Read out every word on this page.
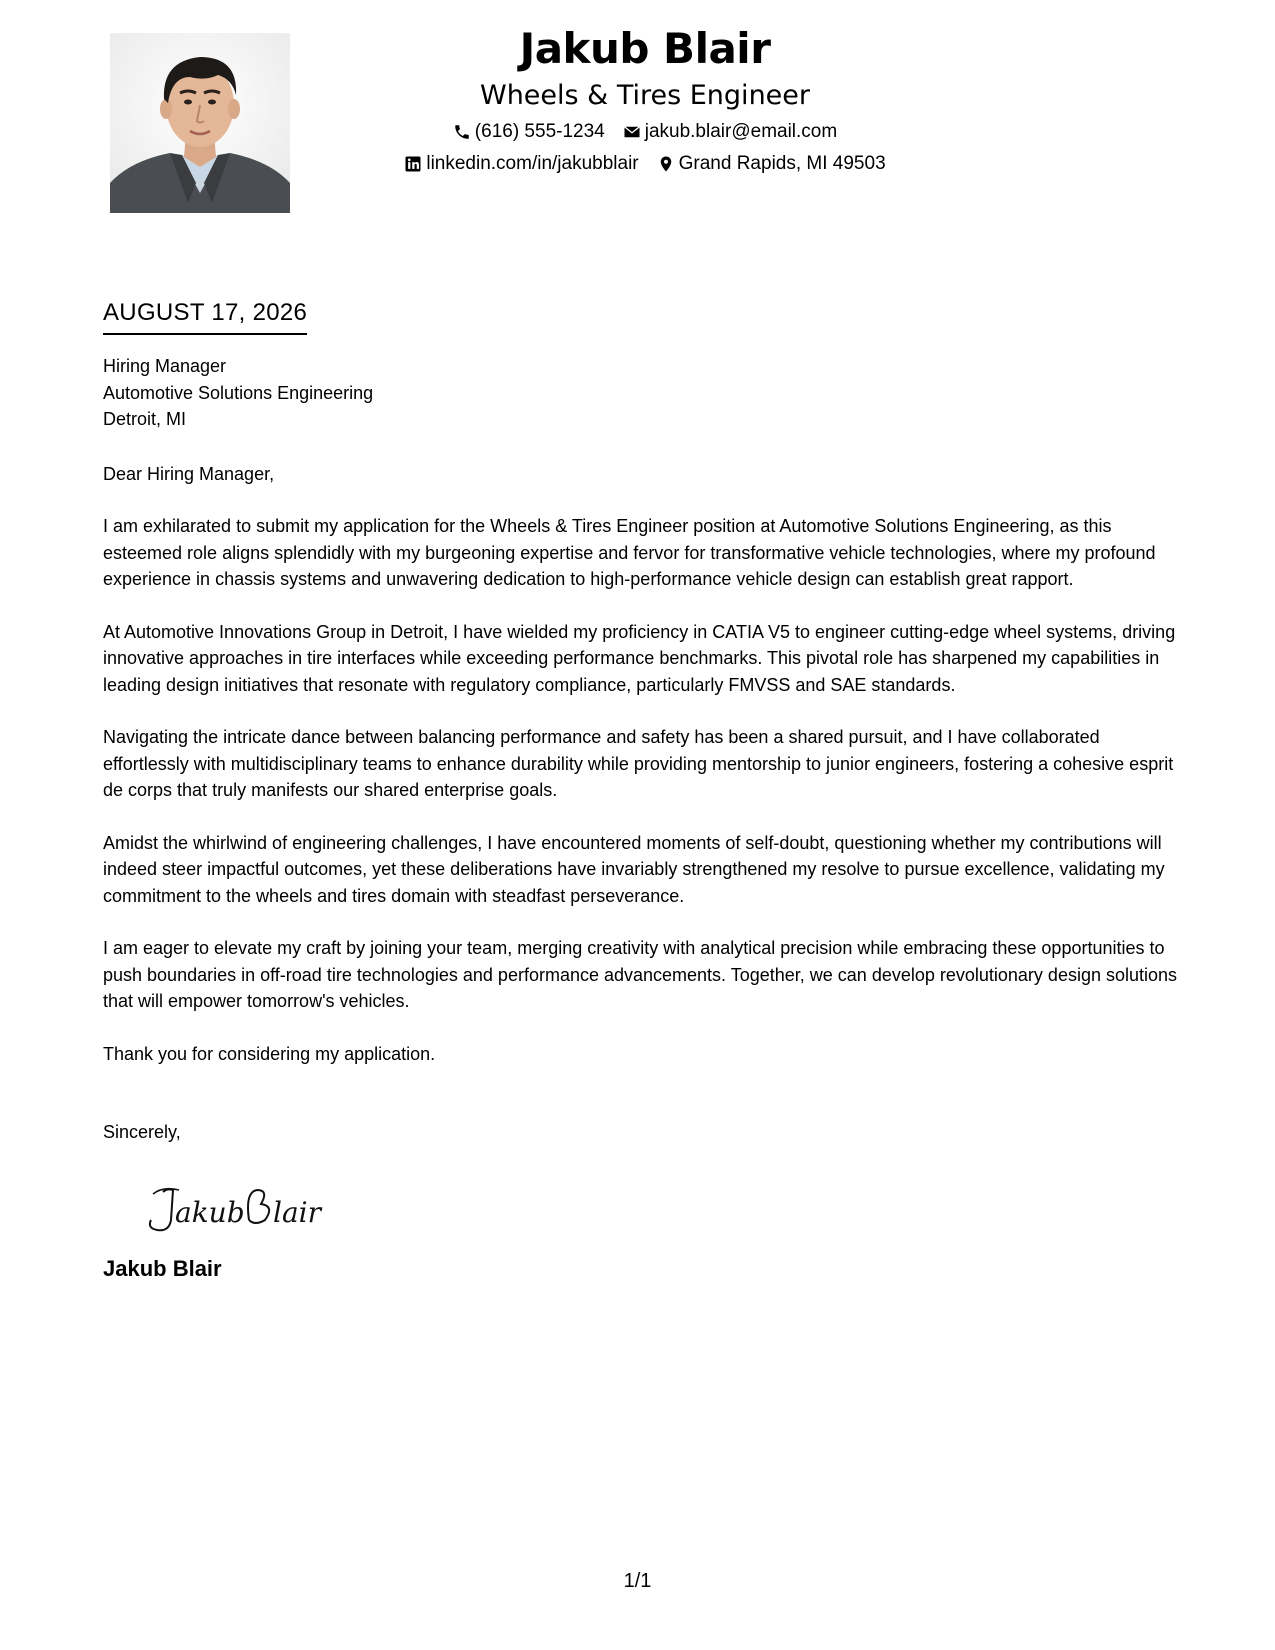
Jakub Blair
Wheels & Tires Engineer
(616) 555-1234 jakub.blair@email.com
linkedin.com/in/jakubblair Grand Rapids, MI 49503
AUGUST 17, 2026
Hiring Manager
Automotive Solutions Engineering
Detroit, MI
Dear Hiring Manager,
I am exhilarated to submit my application for the Wheels & Tires Engineer position at Automotive Solutions Engineering, as this esteemed role aligns splendidly with my burgeoning expertise and fervor for transformative vehicle technologies, where my profound experience in chassis systems and unwavering dedication to high-performance vehicle design can establish great rapport.
At Automotive Innovations Group in Detroit, I have wielded my proficiency in CATIA V5 to engineer cutting-edge wheel systems, driving innovative approaches in tire interfaces while exceeding performance benchmarks. This pivotal role has sharpened my capabilities in leading design initiatives that resonate with regulatory compliance, particularly FMVSS and SAE standards.
Navigating the intricate dance between balancing performance and safety has been a shared pursuit, and I have collaborated effortlessly with multidisciplinary teams to enhance durability while providing mentorship to junior engineers, fostering a cohesive esprit de corps that truly manifests our shared enterprise goals.
Amidst the whirlwind of engineering challenges, I have encountered moments of self-doubt, questioning whether my contributions will indeed steer impactful outcomes, yet these deliberations have invariably strengthened my resolve to pursue excellence, validating my commitment to the wheels and tires domain with steadfast perseverance.
I am eager to elevate my craft by joining your team, merging creativity with analytical precision while embracing these opportunities to push boundaries in off-road tire technologies and performance advancements. Together, we can develop revolutionary design solutions that will empower tomorrow's vehicles.
Thank you for considering my application.
Sincerely,
akub lair
Jakub Blair
1/1
